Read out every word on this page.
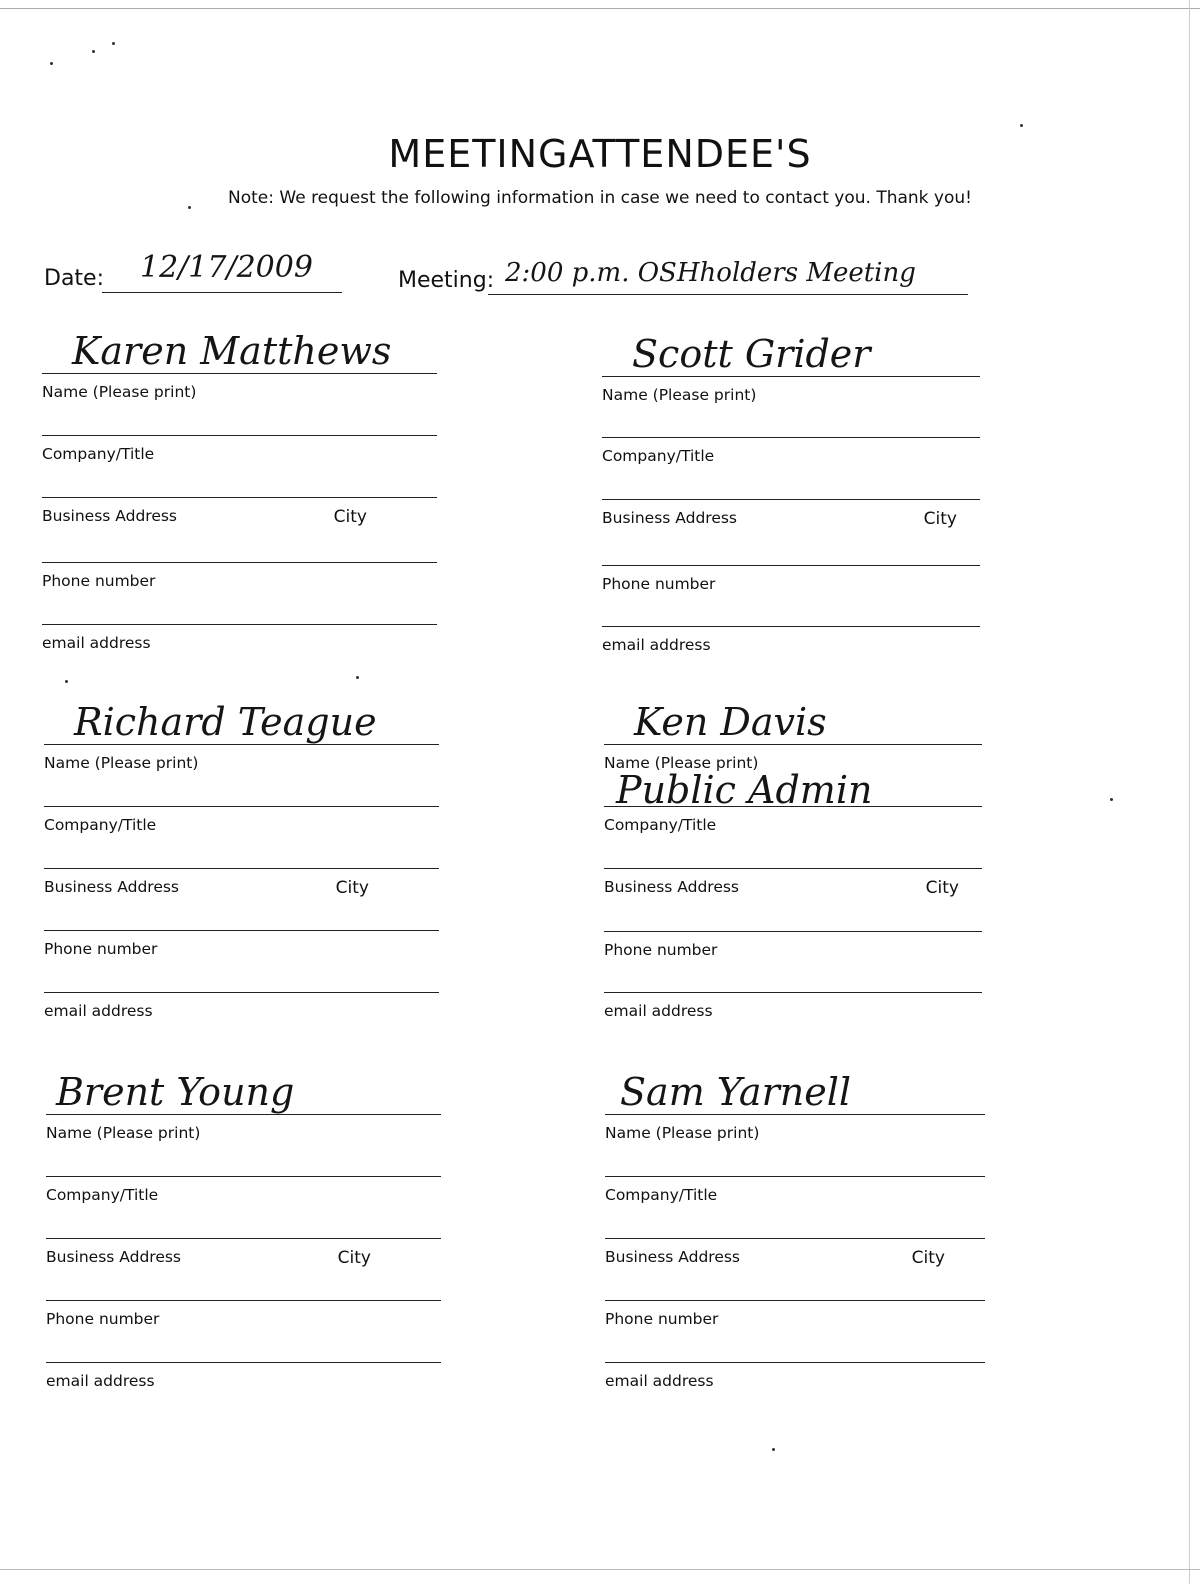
MEETINGATTENDEE'S
Note: We request the following information in case we need to contact you. Thank you!
Date: 12/17/2009	Meeting: 2:00 p.m. OSHholders Meeting
Karen Matthews
Name (Please print)
Company/Title
Business Address	City
Phone number
email address
Scott Grider
Name (Please print)
Company/Title
Business Address	City
Phone number
email address
Richard Teague
Name (Please print)
Company/Title
Business Address	City
Phone number
email address
Ken Davis
Name (Please print)
Public Admin
Company/Title
Business Address	City
Phone number
email address
Brent Young
Name (Please print)
Company/Title
Business Address	City
Phone number
email address
Sam Yarnell
Name (Please print)
Company/Title
Business Address	City
Phone number
email address
